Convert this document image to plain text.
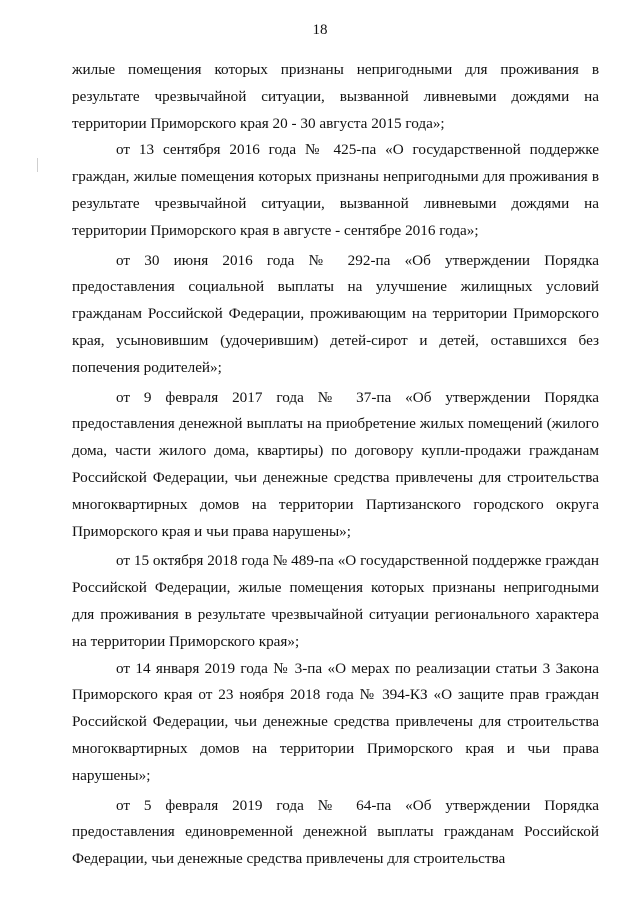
18

жилые помещения которых признаны непригодными для проживания в результате чрезвычайной ситуации, вызванной ливневыми дождями на территории Приморского края 20 - 30 августа 2015 года»;

от 13 сентября 2016 года № 425-па «О государственной поддержке граждан, жилые помещения которых признаны непригодными для проживания в результате чрезвычайной ситуации, вызванной ливневыми дождями на территории Приморского края в августе - сентябре 2016 года»;

от 30 июня 2016 года № 292-па «Об утверждении Порядка предоставления социальной выплаты на улучшение жилищных условий гражданам Российской Федерации, проживающим на территории Приморского края, усыновившим (удочерившим) детей-сирот и детей, оставшихся без попечения родителей»;

от 9 февраля 2017 года № 37-па «Об утверждении Порядка предоставления денежной выплаты на приобретение жилых помещений (жилого дома, части жилого дома, квартиры) по договору купли-продажи гражданам Российской Федерации, чьи денежные средства привлечены для строительства многоквартирных домов на территории Партизанского городского округа Приморского края и чьи права нарушены»;

от 15 октября 2018 года № 489-па «О государственной поддержке граждан Российской Федерации, жилые помещения которых признаны непригодными для проживания в результате чрезвычайной ситуации регионального характера на территории Приморского края»;

от 14 января 2019 года № 3-па «О мерах по реализации статьи 3 Закона Приморского края от 23 ноября 2018 года № 394-КЗ «О защите прав граждан Российской Федерации, чьи денежные средства привлечены для строительства многоквартирных домов на территории Приморского края и чьи права нарушены»;

от 5 февраля 2019 года № 64-па «Об утверждении Порядка предоставления единовременной денежной выплаты гражданам Российской Федерации, чьи денежные средства привлечены для строительства
